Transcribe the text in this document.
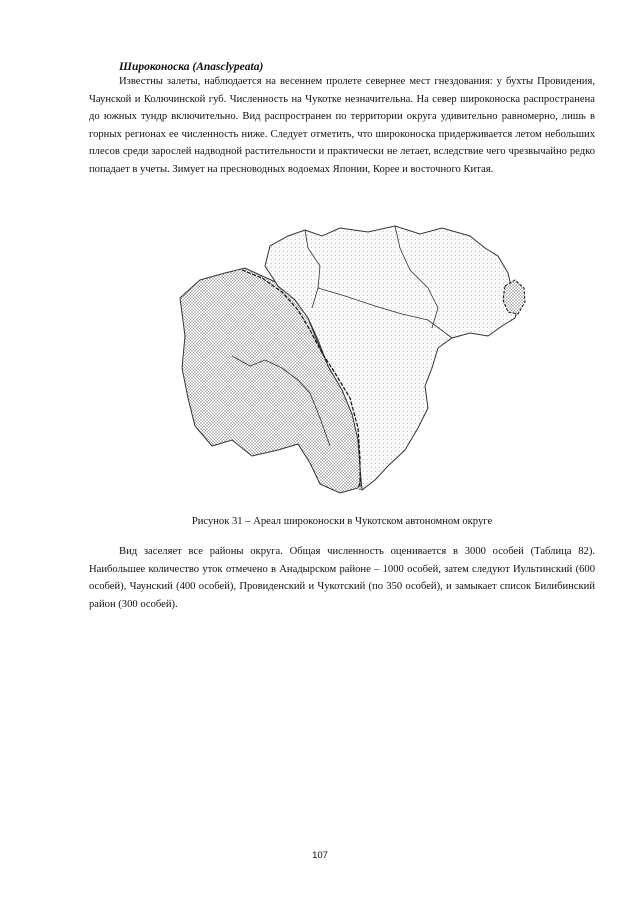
Широконоска (Anasclypeata)

Известны залеты, наблюдается на весеннем пролете севернее мест гнездования: у бухты Провидения, Чаунской и Колючинской губ. Численность на Чукотке незначительна. На север широконоска распространена до южных тундр включительно. Вид распространен по территории округа удивительно равномерно, лишь в горных регионах ее численность ниже. Следует отметить, что широконоска придерживается летом небольших плесов среди зарослей надводной растительности и практически не летает, вследствие чего чрезвычайно редко попадает в учеты. Зимует на пресноводных водоемах Японии, Корее и восточного Китая.

Рисунок 31 – Ареал широконоски в Чукотском автономном округе

Вид заселяет все районы округа. Общая численность оценивается в 3000 особей (Таблица 82). Наибольшее количество уток отмечено в Анадырском районе – 1000 особей, затем следуют Иультинский (600 особей), Чаунский (400 особей), Провиденский и Чукотский (по 350 особей), и замыкает список Билибинский район (300 особей).

107
